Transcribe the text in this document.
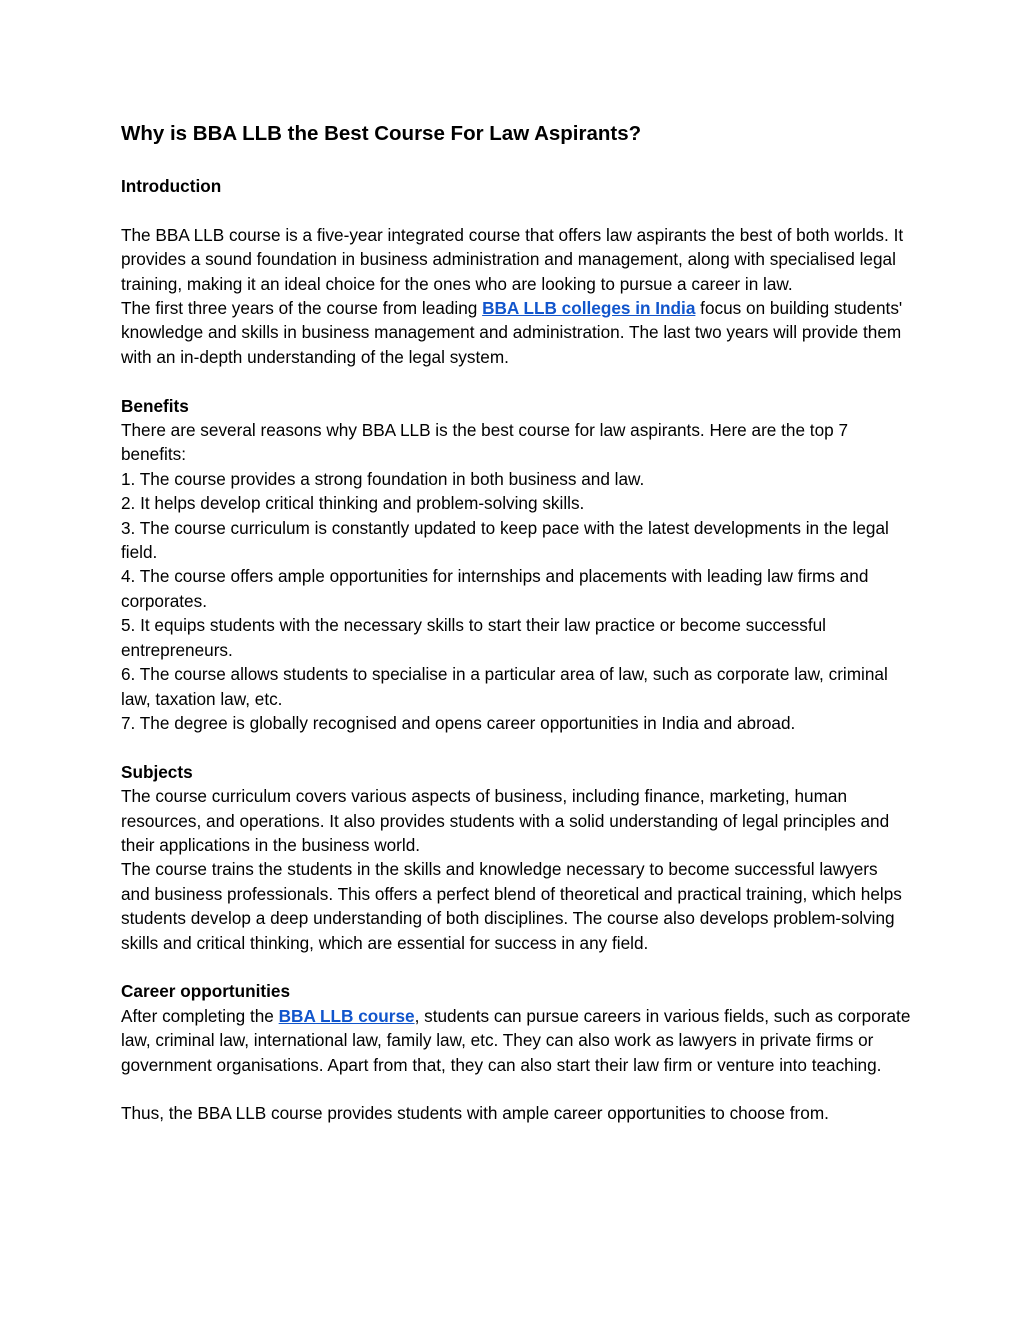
Why is BBA LLB the Best Course For Law Aspirants?

Introduction

The BBA LLB course is a five-year integrated course that offers law aspirants the best of both worlds. It provides a sound foundation in business administration and management, along with specialised legal training, making it an ideal choice for the ones who are looking to pursue a career in law.

The first three years of the course from leading BBA LLB colleges in India focus on building students' knowledge and skills in business management and administration. The last two years will provide them with an in-depth understanding of the legal system.

Benefits

There are several reasons why BBA LLB is the best course for law aspirants. Here are the top 7 benefits:

1. The course provides a strong foundation in both business and law.
2. It helps develop critical thinking and problem-solving skills.
3. The course curriculum is constantly updated to keep pace with the latest developments in the legal field.
4. The course offers ample opportunities for internships and placements with leading law firms and corporates.
5. It equips students with the necessary skills to start their law practice or become successful entrepreneurs.
6. The course allows students to specialise in a particular area of law, such as corporate law, criminal law, taxation law, etc.
7. The degree is globally recognised and opens career opportunities in India and abroad.

Subjects

The course curriculum covers various aspects of business, including finance, marketing, human resources, and operations. It also provides students with a solid understanding of legal principles and their applications in the business world.

The course trains the students in the skills and knowledge necessary to become successful lawyers and business professionals. This offers a perfect blend of theoretical and practical training, which helps students develop a deep understanding of both disciplines. The course also develops problem-solving skills and critical thinking, which are essential for success in any field.

Career opportunities

After completing the BBA LLB course, students can pursue careers in various fields, such as corporate law, criminal law, international law, family law, etc. They can also work as lawyers in private firms or government organisations. Apart from that, they can also start their law firm or venture into teaching.

Thus, the BBA LLB course provides students with ample career opportunities to choose from.
